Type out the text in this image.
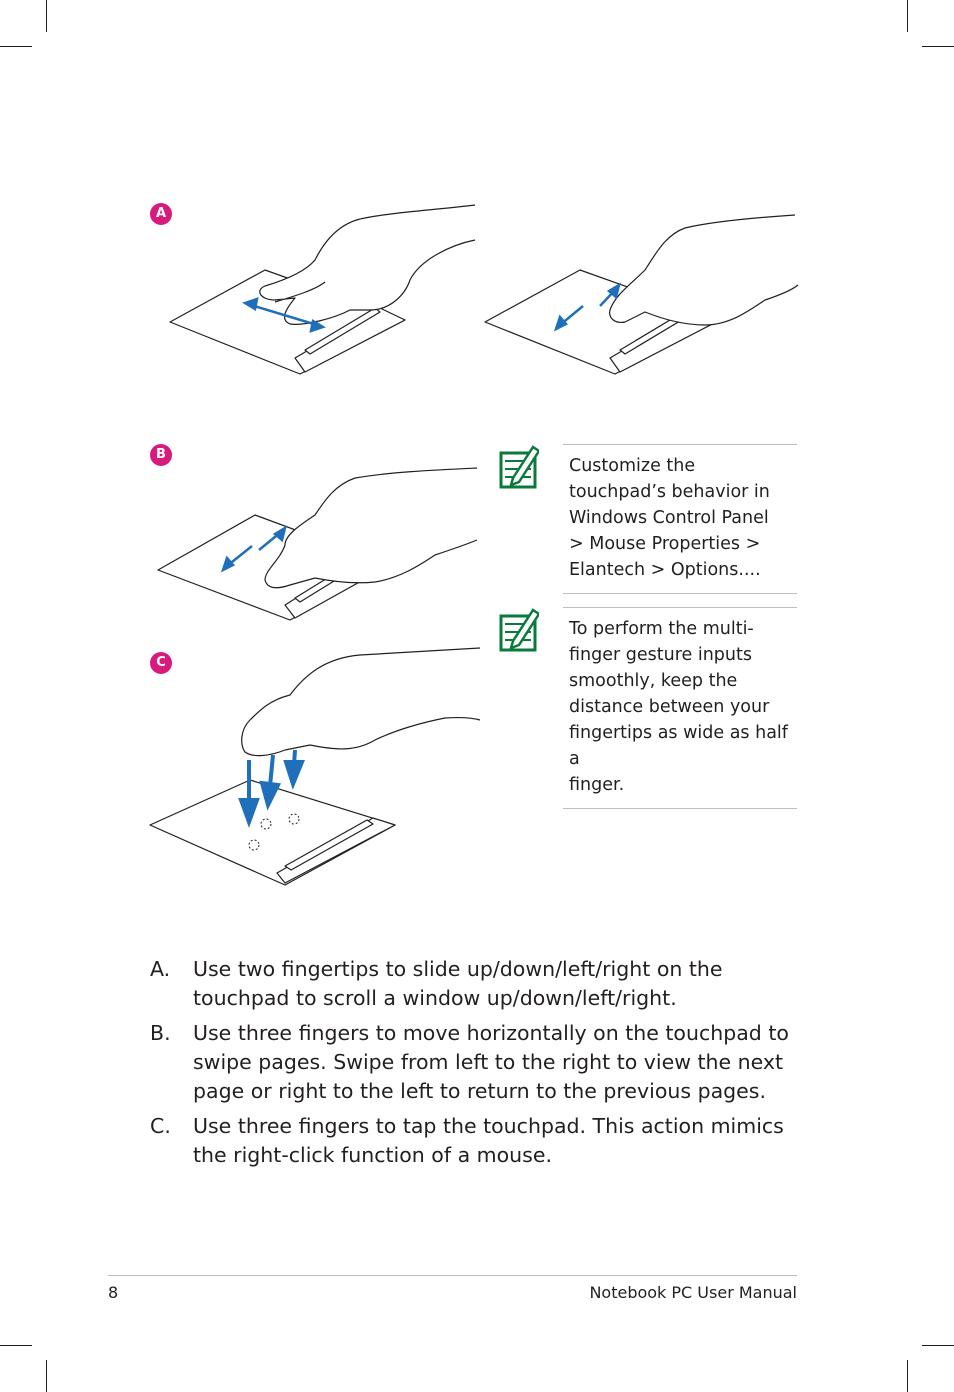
A
B
C
Customize the
touchpad’s behavior in
Windows Control Panel
> Mouse Properties >
Elantech > Options....
To perform the multi-
finger gesture inputs
smoothly, keep the
distance between your
fingertips as wide as half a
finger.
A.	Use two fingertips to slide up/down/left/right on the touchpad to scroll a window up/down/left/right.
B.	Use three fingers to move horizontally on the touchpad to swipe pages. Swipe from left to the right to view the next page or right to the left to return to the previous pages.
C.	Use three fingers to tap the touchpad. This action mimics the right-click function of a mouse.
8	Notebook PC User Manual
